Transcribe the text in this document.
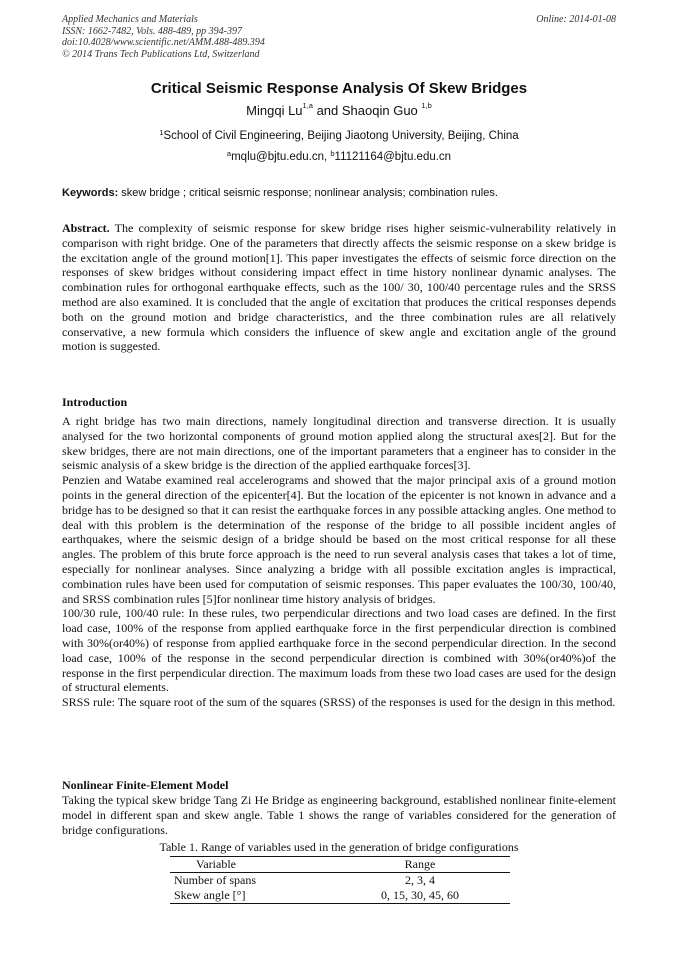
Applied Mechanics and Materials
ISSN: 1662-7482, Vols. 488-489, pp 394-397
doi:10.4028/www.scientific.net/AMM.488-489.394
© 2014 Trans Tech Publications Ltd, Switzerland
Online: 2014-01-08
Critical Seismic Response Analysis Of Skew Bridges
Mingqi Lu$^{1,a}$ and Shaoqin Guo $^{1,b}$
$^1$School of Civil Engineering, Beijing Jiaotong University, Beijing, China
$^a$mqlu@bjtu.edu.cn, $^b$11121164@bjtu.edu.cn
Keywords: skew bridge ; critical seismic response; nonlinear analysis; combination rules.

Abstract. The complexity of seismic response for skew bridge rises higher seismic-vulnerability relatively in comparison with right bridge. One of the parameters that directly affects the seismic response on a skew bridge is the excitation angle of the ground motion[1]. This paper investigates the effects of seismic force direction on the responses of skew bridges without considering impact effect in time history nonlinear dynamic analyses. The combination rules for orthogonal earthquake effects, such as the 100/ 30, 100/40 percentage rules and the SRSS method are also examined. It is concluded that the angle of excitation that produces the critical responses depends both on the ground motion and bridge characteristics, and the three combination rules are all relatively conservative, a new formula which considers the influence of skew angle and excitation angle of the ground motion is suggested.

Introduction

A right bridge has two main directions, namely longitudinal direction and transverse direction. It is usually analysed for the two horizontal components of ground motion applied along the structural axes[2]. But for the skew bridges, there are not main directions, one of the important parameters that a engineer has to consider in the seismic analysis of a skew bridge is the direction of the applied earthquake forces[3].

Penzien and Watabe examined real accelerograms and showed that the major principal axis of a ground motion points in the general direction of the epicenter[4]. But the location of the epicenter is not known in advance and a bridge has to be designed so that it can resist the earthquake forces in any possible attacking angles. One method to deal with this problem is the determination of the response of the bridge to all possible incident angles of earthquakes, where the seismic design of a bridge should be based on the most critical response for all these angles. The problem of this brute force approach is the need to run several analysis cases that takes a lot of time, especially for nonlinear analyses. Since analyzing a bridge with all possible excitation angles is impractical, combination rules have been used for computation of seismic responses. This paper evaluates the 100/30, 100/40, and SRSS combination rules [5]for nonlinear time history analysis of bridges.

100/30 rule, 100/40 rule: In these rules, two perpendicular directions and two load cases are defined. In the first load case, 100% of the response from applied earthquake force in the first perpendicular direction is combined with 30%(or40%) of response from applied earthquake force in the second perpendicular direction. In the second load case, 100% of the response in the second perpendicular direction is combined with 30%(or40%)of the response in the first perpendicular direction. The maximum loads from these two load cases are used for the design of structural elements.

SRSS rule: The square root of the sum of the squares (SRSS) of the responses is used for the design in this method.

Nonlinear Finite-Element Model

Taking the typical skew bridge Tang Zi He Bridge as engineering background, established nonlinear finite-element model in different span and skew angle. Table 1 shows the range of variables considered for the generation of bridge configurations.

Table 1. Range of variables used in the generation of bridge configurations
Variable	Range
Number of spans	2, 3, 4
Skew angle [°]	0, 15, 30, 45, 60
